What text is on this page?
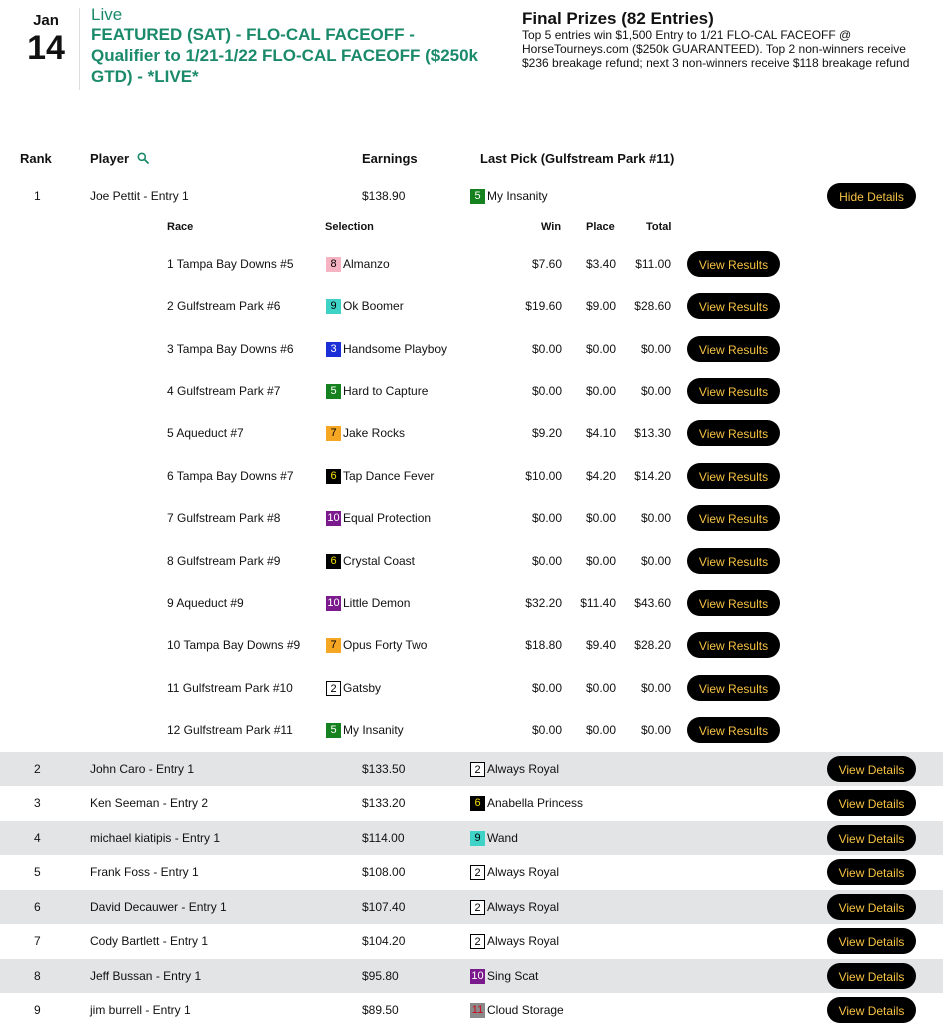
Jan
14
Live
FEATURED (SAT) - FLO-CAL FACEOFF - Qualifier to 1/21-1/22 FLO-CAL FACEOFF ($250k GTD) - *LIVE*
Final Prizes (82 Entries)
Top 5 entries win $1,500 Entry to 1/21 FLO-CAL FACEOFF @ HorseTourneys.com ($250k GUARANTEED). Top 2 non-winners receive $236 breakage refund; next 3 non-winners receive $118 breakage refund
Rank	Player	Earnings	Last Pick (Gulfstream Park #11)
1	Joe Pettit - Entry 1	$138.90	5 My Insanity	Hide Details
2	John Caro - Entry 1	$133.50	2 Always Royal	View Details
3	Ken Seeman - Entry 2	$133.20	6 Anabella Princess	View Details
4	michael kiatipis - Entry 1	$114.00	9 Wand	View Details
5	Frank Foss - Entry 1	$108.00	2 Always Royal	View Details
6	David Decauwer - Entry 1	$107.40	2 Always Royal	View Details
7	Cody Bartlett - Entry 1	$104.20	2 Always Royal	View Details
8	Jeff Bussan - Entry 1	$95.80	10 Sing Scat	View Details
9	jim burrell - Entry 1	$89.50	11 Cloud Storage	View Details
Race	Selection	Win Place	Total
1 Tampa Bay Downs #5	8 Almanzo	$7.60	$3.40	$11.00	View Results
2 Gulfstream Park #6	9 Ok Boomer	$19.60	$9.00	$28.60	View Results
3 Tampa Bay Downs #6	3 Handsome Playboy	$0.00	$0.00	$0.00	View Results
4 Gulfstream Park #7	5 Hard to Capture	$0.00	$0.00	$0.00	View Results
5 Aqueduct #7	7 Jake Rocks	$9.20	$4.10	$13.30	View Results
6 Tampa Bay Downs #7	6 Tap Dance Fever	$10.00	$4.20	$14.20	View Results
7 Gulfstream Park #8	10 Equal Protection	$0.00	$0.00	$0.00	View Results
8 Gulfstream Park #9	6 Crystal Coast	$0.00	$0.00	$0.00	View Results
9 Aqueduct #9	10 Little Demon	$32.20	$11.40	$43.60	View Results
10 Tampa Bay Downs #9	7 Opus Forty Two	$18.80	$9.40	$28.20	View Results
11 Gulfstream Park #10	2 Gatsby	$0.00	$0.00	$0.00	View Results
12 Gulfstream Park #11	5 My Insanity	$0.00	$0.00	$0.00	View Results
